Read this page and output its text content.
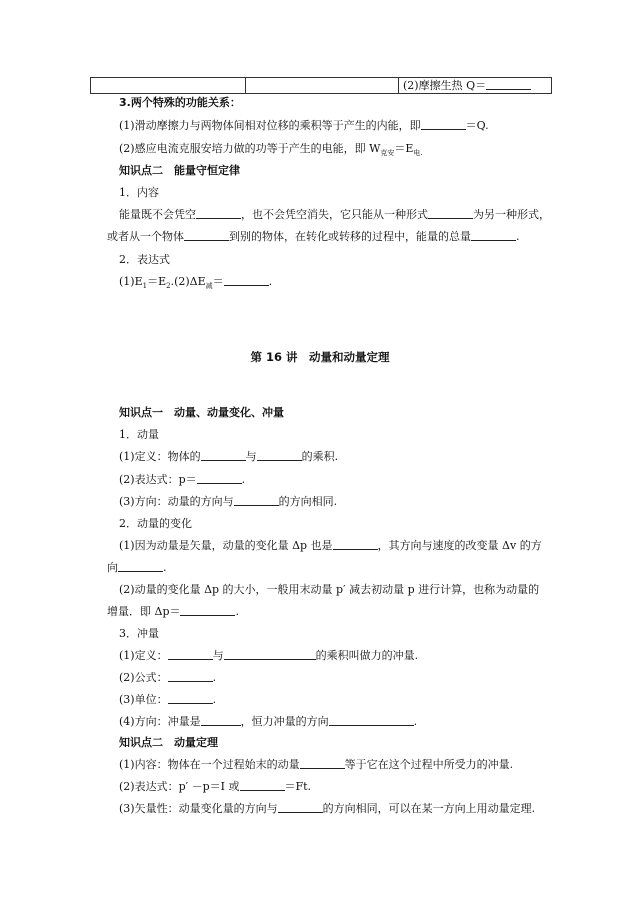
(2)摩擦生热 Q＝
3.两个特殊的功能关系：
(1)滑动摩擦力与两物体间相对位移的乘积等于产生的内能，即	＝Q.
(2)感应电流克服安培力做的功等于产生的电能，即 $W_{克安}=E_{电.}$
知识点二　能量守恒定律
1．内容
能量既不会凭空	，也不会凭空消失，它只能从一种形式	为另一种形式，
或者从一个物体	到别的物体，在转化或转移的过程中，能量的总量	.
2．表达式
$(1)E_1=E_2.(2)\Delta E_减=$	.
第 16 讲　动量和动量定理
知识点一　动量、动量变化、冲量
1．动量
(1)定义：物体的	与	的乘积.
(2)表达式：p＝	.
(3)方向：动量的方向与	的方向相同.
2．动量的变化
(1)因为动量是矢量，动量的变化量 Δp 也是	，其方向与速度的改变量 Δv 的方
向	.
(2)动量的变化量 Δp 的大小，一般用末动量 p′ 减去初动量 p 进行计算，也称为动量的
增量．即 Δp＝	.
3．冲量
(1)定义：	与	的乘积叫做力的冲量.
(2)公式：	.
(3)单位：	.
(4)方向：冲量是	，恒力冲量的方向	.
知识点二　动量定理
(1)内容：物体在一个过程始末的动量	等于它在这个过程中所受力的冲量.
(2)表达式：p′ －p＝I 或	＝Ft.
(3)矢量性：动量变化量的方向与	的方向相同，可以在某一方向上用动量定理.
